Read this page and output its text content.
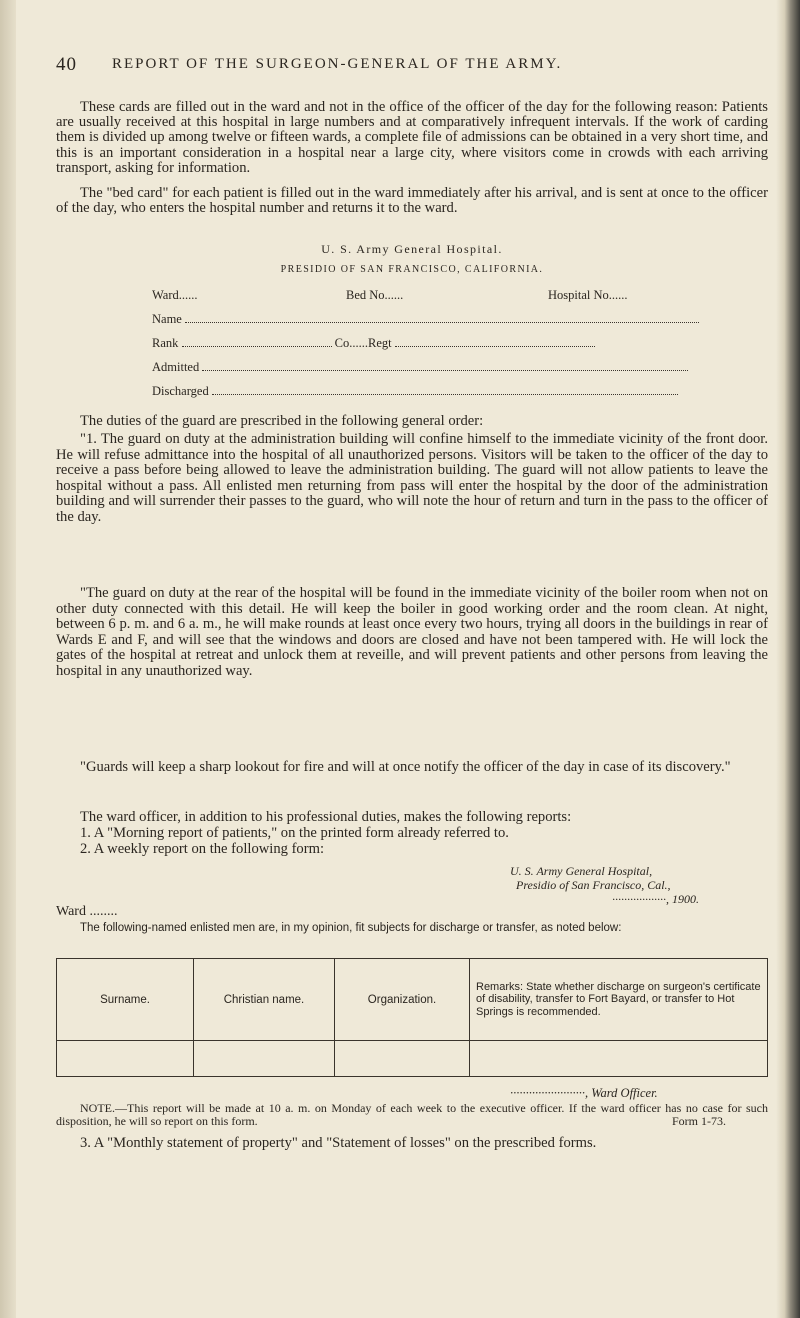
40 REPORT OF THE SURGEON-GENERAL OF THE ARMY.

These cards are filled out in the ward and not in the office of the officer of the day for the following reason: Patients are usually received at this hospital in large numbers and at comparatively infrequent intervals. If the work of carding them is divided up among twelve or fifteen wards, a complete file of admissions can be obtained in a very short time, and this is an important consideration in a hospital near a large city, where visitors come in crowds with each arriving transport, asking for information.

The "bed card" for each patient is filled out in the ward immediately after his arrival, and is sent at once to the officer of the day, who enters the hospital number and returns it to the ward.

U. S. Army General Hospital.
PRESIDIO OF SAN FRANCISCO, CALIFORNIA.
Ward......	Bed No......	Hospital No......
Name
Rank	Co......Regt
Admitted
Discharged

The duties of the guard are prescribed in the following general order:

"1. The guard on duty at the administration building will confine himself to the immediate vicinity of the front door. He will refuse admittance into the hospital of all unauthorized persons. Visitors will be taken to the officer of the day to receive a pass before being allowed to leave the administration building. The guard will not allow patients to leave the hospital without a pass. All enlisted men returning from pass will enter the hospital by the door of the administration building and will surrender their passes to the guard, who will note the hour of return and turn in the pass to the officer of the day.

"The guard on duty at the rear of the hospital will be found in the immediate vicinity of the boiler room when not on other duty connected with this detail. He will keep the boiler in good working order and the room clean. At night, between 6 p. m. and 6 a. m., he will make rounds at least once every two hours, trying all doors in the buildings in rear of Wards E and F, and will see that the windows and doors are closed and have not been tampered with. He will lock the gates of the hospital at retreat and unlock them at reveille, and will prevent patients and other persons from leaving the hospital in any unauthorized way.

"Guards will keep a sharp lookout for fire and will at once notify the officer of the day in case of its discovery."

The ward officer, in addition to his professional duties, makes the following reports:

1. A "Morning report of patients," on the printed form already referred to.

2. A weekly report on the following form:

U. S. Army General Hospital,
Presidio of San Francisco, Cal.,
··················, 1900.
Ward ........

The following-named enlisted men are, in my opinion, fit subjects for discharge or transfer, as noted below:

Surname.	Christian name.	Organization.	Remarks: State whether discharge on surgeon's certificate of disability, transfer to Fort Bayard, or transfer to Hot Springs is recommended.

························, Ward Officer.

NOTE.—This report will be made at 10 a. m. on Monday of each week to the executive officer. If the ward officer has no case for such disposition, he will so report on this form.	Form 1-73.

3. A "Monthly statement of property" and "Statement of losses" on the prescribed forms.
